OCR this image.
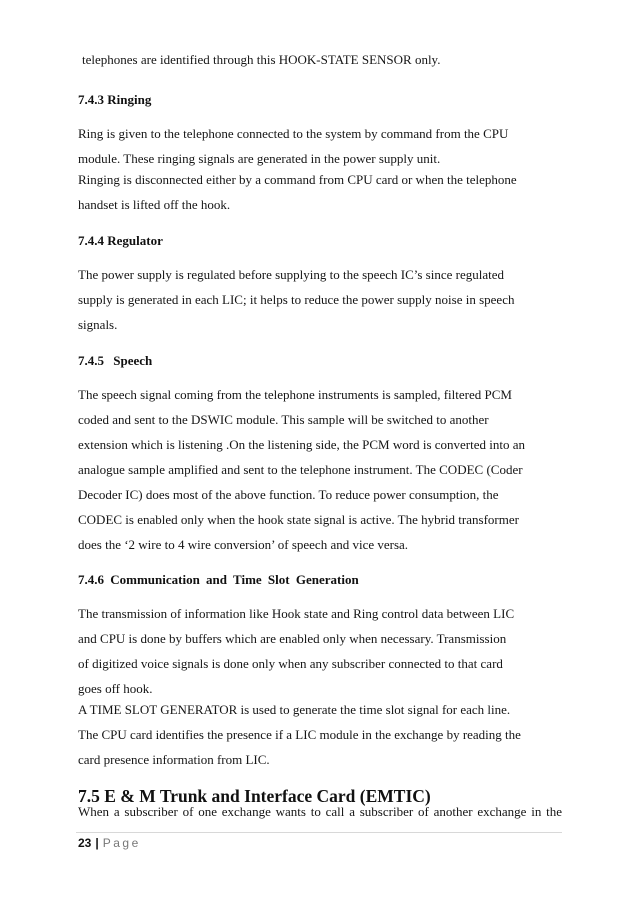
telephones are identified through this HOOK-STATE SENSOR only.
7.4.3 Ringing
Ring is given to the telephone connected to the system by command from the CPU
module. These ringing signals are generated in the power supply unit.
Ringing is disconnected either by a command from CPU card or when the telephone
handset is lifted off the hook.
7.4.4 Regulator
The power supply is regulated before supplying to the speech IC’s since regulated
supply is generated in each LIC; it helps to reduce the power supply noise in speech
signals.
7.4.5 Speech
The speech signal coming from the telephone instruments is sampled, filtered PCM
coded and sent to the DSWIC module. This sample will be switched to another
extension which is listening .On the listening side, the PCM word is converted into an
analogue sample amplified and sent to the telephone instrument. The CODEC (Coder
Decoder IC) does most of the above function. To reduce power consumption, the
CODEC is enabled only when the hook state signal is active. The hybrid transformer
does the ‘2 wire to 4 wire conversion’ of speech and vice versa.
7.4.6 Communication and Time Slot Generation
The transmission of information like Hook state and Ring control data between LIC
and CPU is done by buffers which are enabled only when necessary. Transmission
of digitized voice signals is done only when any subscriber connected to that card
goes off hook.
A TIME SLOT GENERATOR is used to generate the time slot signal for each line.
The CPU card identifies the presence if a LIC module in the exchange by reading the
card presence information from LIC.
7.5 E & M Trunk and Interface Card (EMTIC)
When a subscriber of one exchange wants to call a subscriber of another exchange in the
23 | Page
